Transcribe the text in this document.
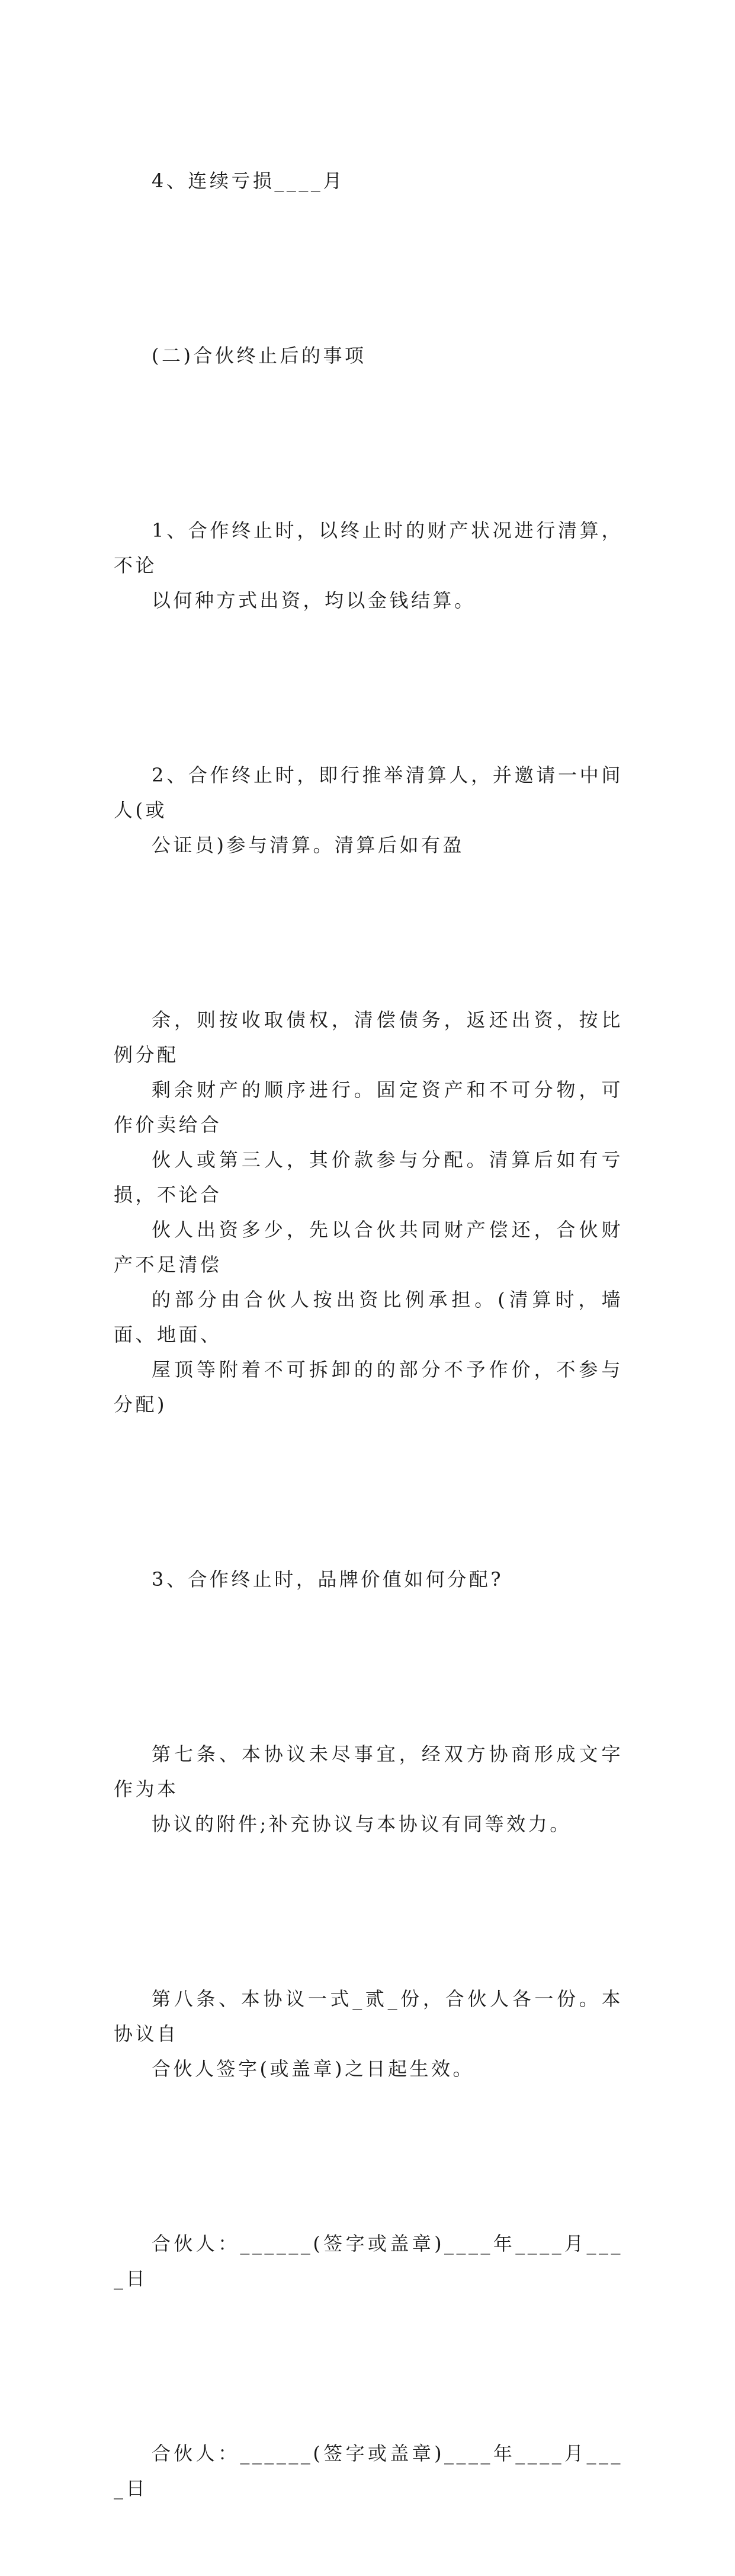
4、连续亏损____月

(二)合伙终止后的事项

1、合作终止时，以终止时的财产状况进行清算，不论
以何种方式出资，均以金钱结算。

2、合作终止时，即行推举清算人，并邀请一中间人(或
公证员)参与清算。清算后如有盈

余，则按收取债权，清偿债务，返还出资，按比例分配
剩余财产的顺序进行。固定资产和不可分物，可作价卖给合
伙人或第三人，其价款参与分配。清算后如有亏损，不论合
伙人出资多少，先以合伙共同财产偿还，合伙财产不足清偿
的部分由合伙人按出资比例承担。(清算时，墙面、地面、
屋顶等附着不可拆卸的的部分不予作价，不参与分配)

3、合作终止时，品牌价值如何分配?

第七条、本协议未尽事宜，经双方协商形成文字作为本
协议的附件;补充协议与本协议有同等效力。

第八条、本协议一式_贰_份，合伙人各一份。本协议自
合伙人签字(或盖章)之日起生效。

合伙人：______(签字或盖章)____年____月____日

合伙人：______(签字或盖章)____年____月____日
